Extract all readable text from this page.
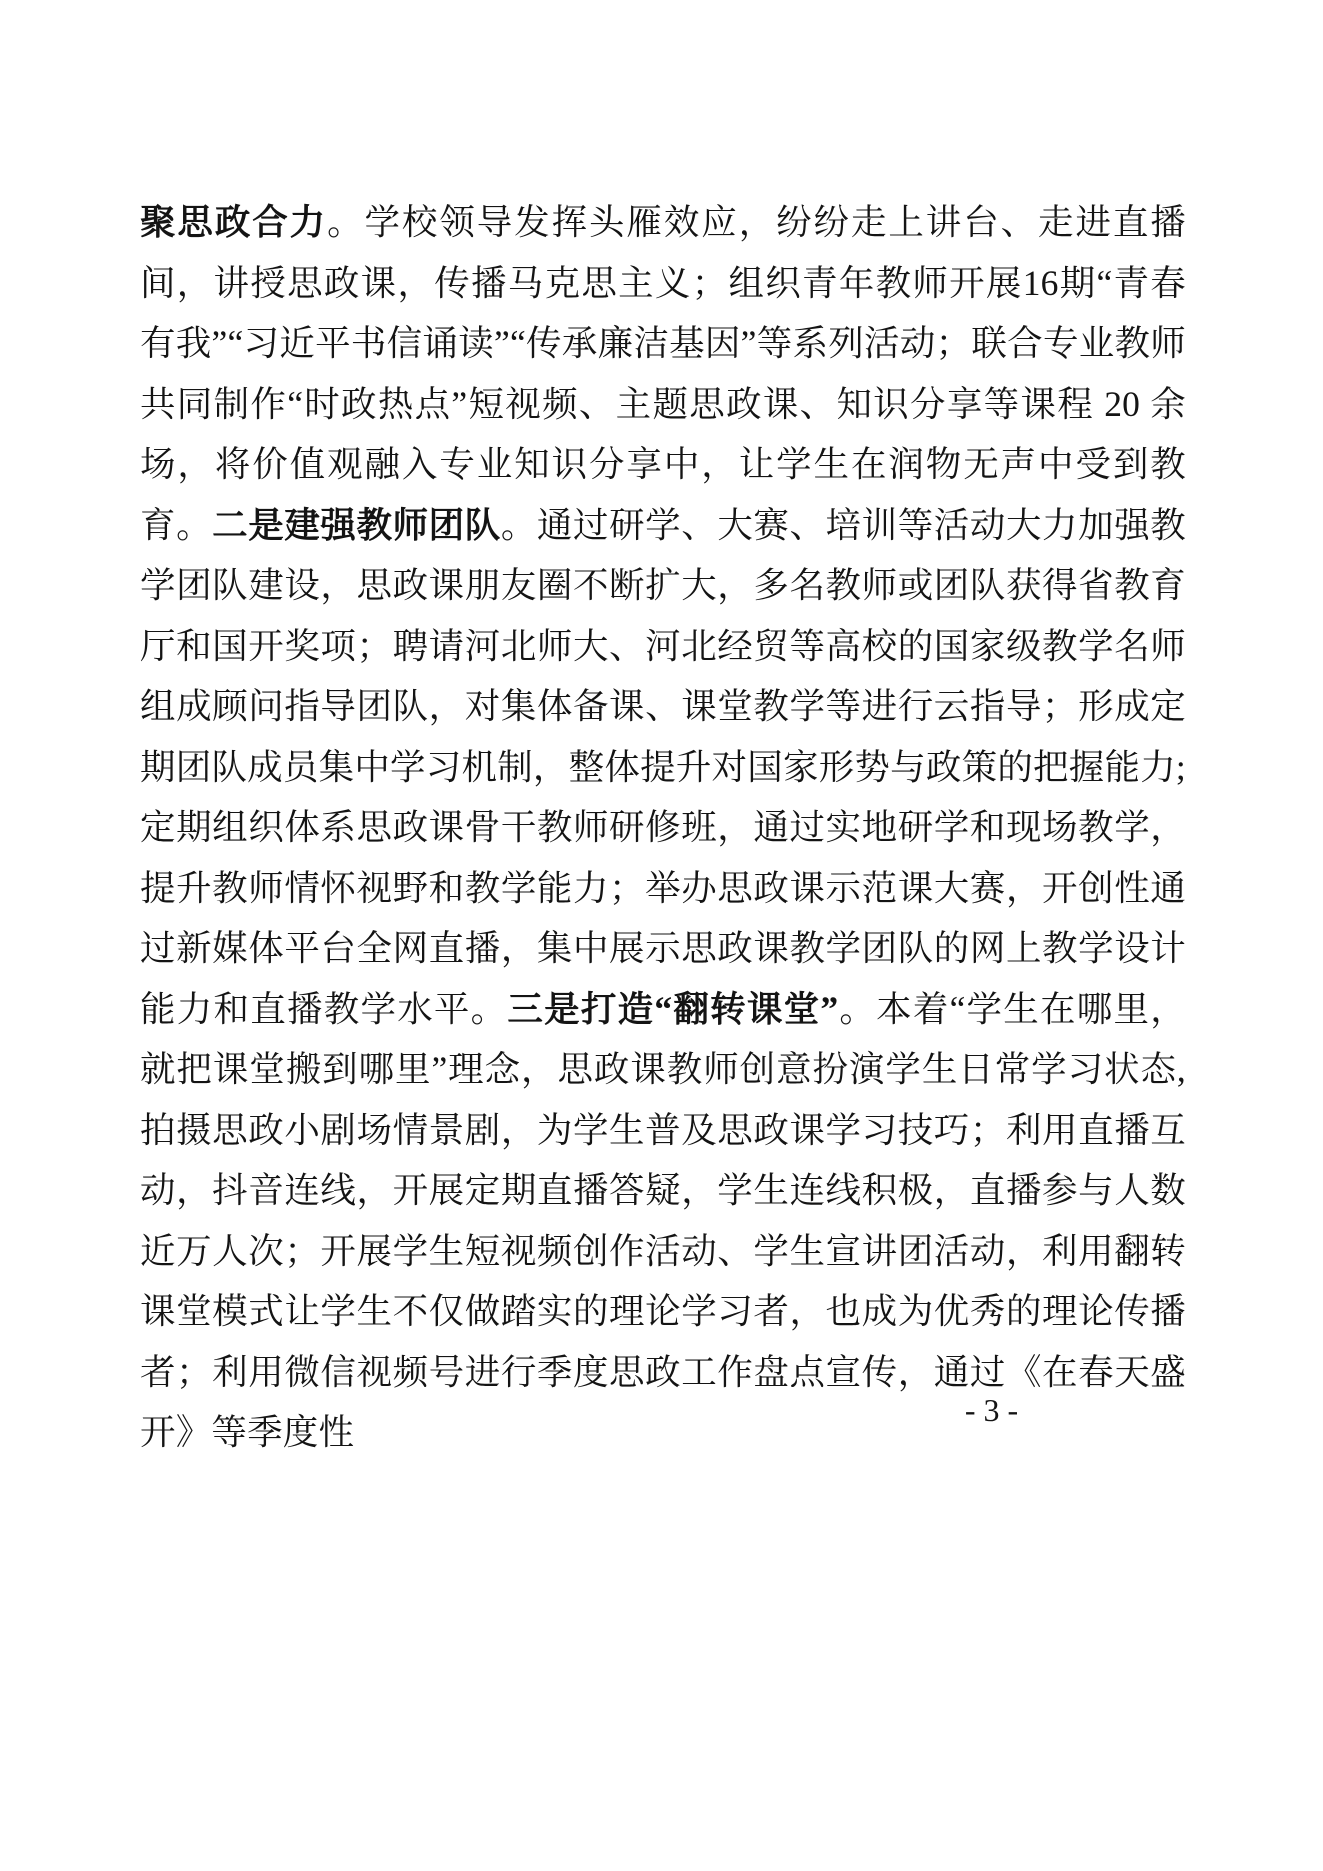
聚思政合力。学校领导发挥头雁效应，纷纷走上讲台、走进直播间，讲授思政课，传播马克思主义；组织青年教师开展16期“青春有我”“习近平书信诵读”“传承廉洁基因”等系列活动；联合专业教师共同制作“时政热点”短视频、主题思政课、知识分享等课程 20 余场，将价值观融入专业知识分享中，让学生在润物无声中受到教育。二是建强教师团队。通过研学、大赛、培训等活动大力加强教学团队建设，思政课朋友圈不断扩大，多名教师或团队获得省教育厅和国开奖项；聘请河北师大、河北经贸等高校的国家级教学名师组成顾问指导团队，对集体备课、课堂教学等进行云指导；形成定期团队成员集中学习机制，整体提升对国家形势与政策的把握能力;定期组织体系思政课骨干教师研修班，通过实地研学和现场教学，提升教师情怀视野和教学能力；举办思政课示范课大赛，开创性通过新媒体平台全网直播，集中展示思政课教学团队的网上教学设计能力和直播教学水平。三是打造“翻转课堂”。本着“学生在哪里，就把课堂搬到哪里”理念，思政课教师创意扮演学生日常学习状态,拍摄思政小剧场情景剧，为学生普及思政课学习技巧；利用直播互动，抖音连线，开展定期直播答疑，学生连线积极，直播参与人数近万人次；开展学生短视频创作活动、学生宣讲团活动，利用翻转课堂模式让学生不仅做踏实的理论学习者，也成为优秀的理论传播者；利用微信视频号进行季度思政工作盘点宣传，通过《在春天盛开》等季度性

- 3 -
